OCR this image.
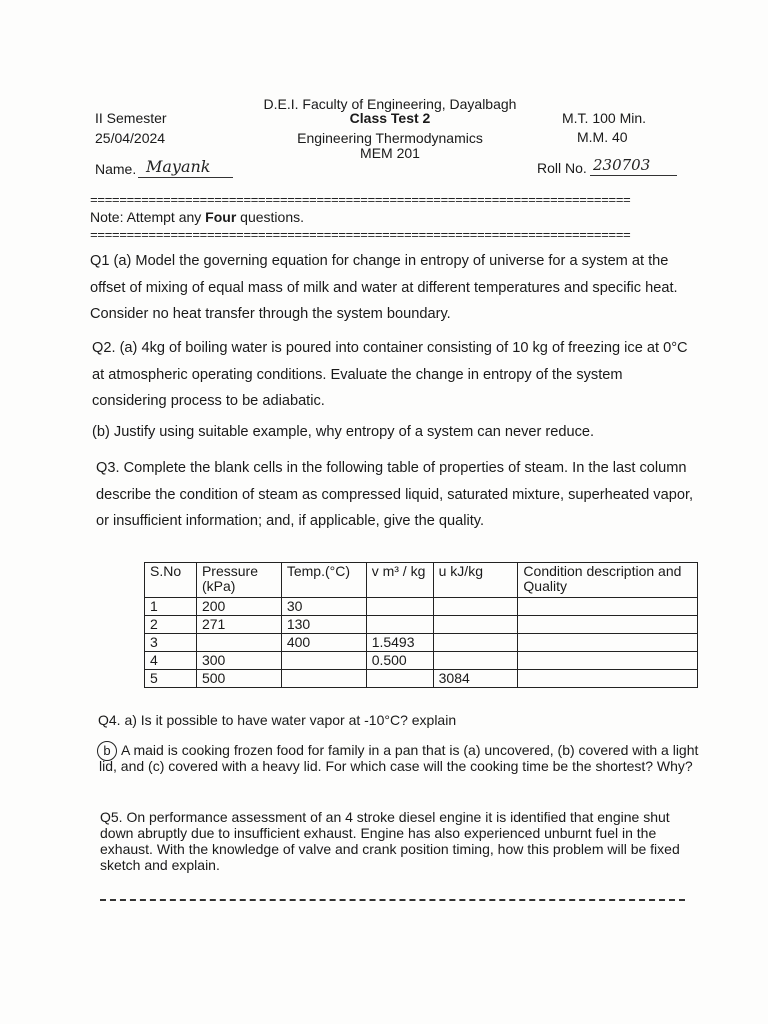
II Semester
25/04/2024
D.E.I. Faculty of Engineering, Dayalbagh
Class Test 2
Engineering Thermodynamics
MEM 201
M.T. 100 Min.
M.M. 40
Name. Mayank	Roll No. 230703
==========================================================================
Note: Attempt any Four questions.
==========================================================================
Q1 (a) Model the governing equation for change in entropy of universe for a system at the offset of mixing of equal mass of milk and water at different temperatures and specific heat. Consider no heat transfer through the system boundary.
Q2. (a) 4kg of boiling water is poured into container consisting of 10 kg of freezing ice at 0°C at atmospheric operating conditions. Evaluate the change in entropy of the system considering process to be adiabatic.
(b) Justify using suitable example, why entropy of a system can never reduce.
Q3. Complete the blank cells in the following table of properties of steam. In the last column describe the condition of steam as compressed liquid, saturated mixture, superheated vapor, or insufficient information; and, if applicable, give the quality.
S.No	Pressure (kPa)	Temp.(°C)	v m³ / kg	u kJ/kg	Condition description and Quality
1	200	30			
2	271	130			
3		400	1.5493		
4	300		0.500		
5	500			3084	
Q4. a) Is it possible to have water vapor at -10°C? explain
b A maid is cooking frozen food for family in a pan that is (a) uncovered, (b) covered with a light lid, and (c) covered with a heavy lid. For which case will the cooking time be the shortest? Why?
Q5. On performance assessment of an 4 stroke diesel engine it is identified that engine shut down abruptly due to insufficient exhaust. Engine has also experienced unburnt fuel in the exhaust. With the knowledge of valve and crank position timing, how this problem will be fixed sketch and explain.
